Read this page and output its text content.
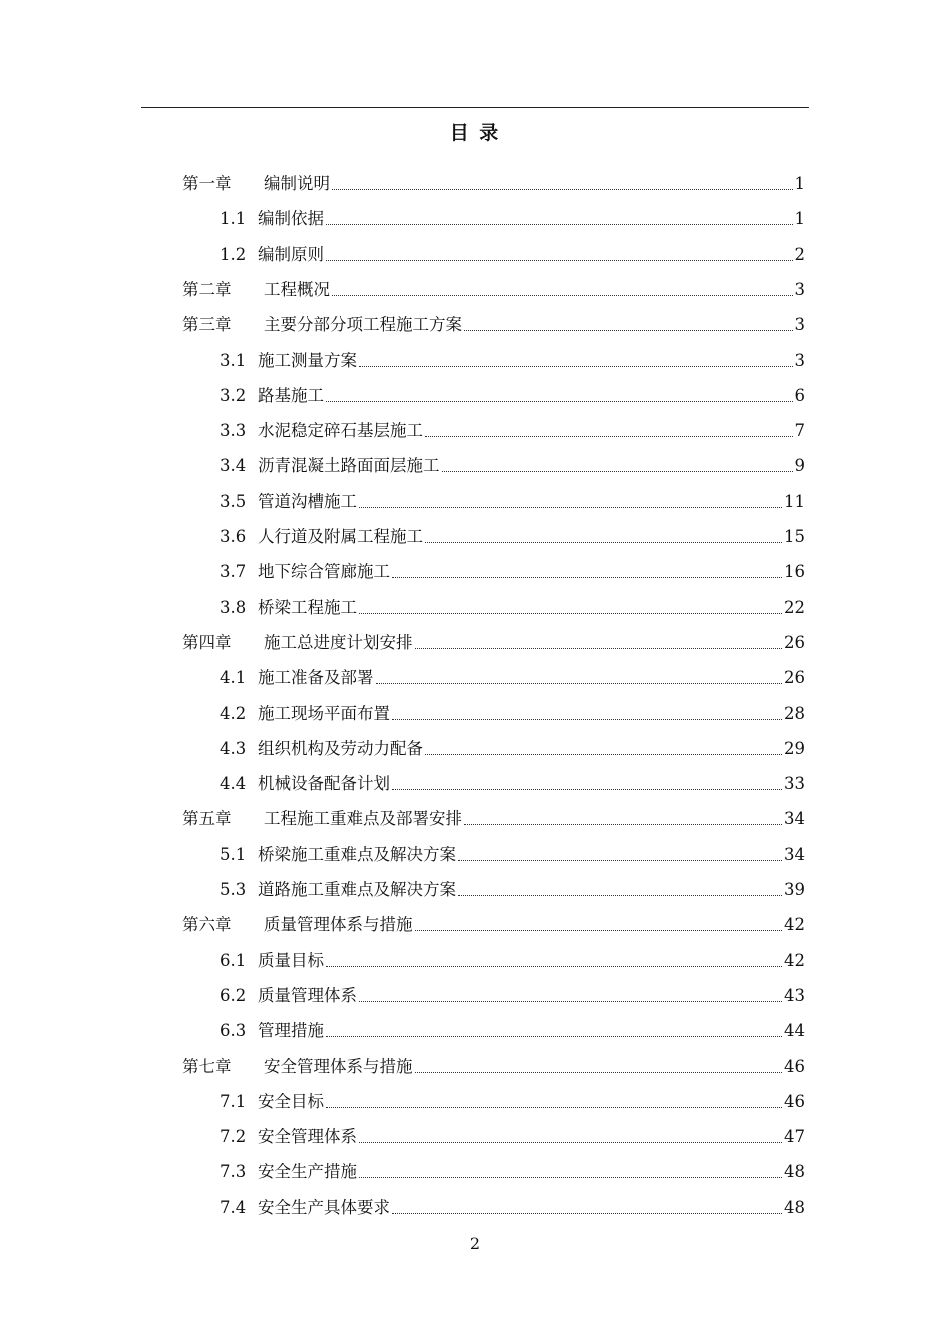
目 录
第一章	编制说明	1
1.1 编制依据	1
1.2 编制原则	2
第二章	工程概况	3
第三章	主要分部分项工程施工方案	3
3.1 施工测量方案	3
3.2 路基施工	6
3.3 水泥稳定碎石基层施工	7
3.4 沥青混凝土路面面层施工	9
3.5 管道沟槽施工	11
3.6 人行道及附属工程施工	15
3.7 地下综合管廊施工	16
3.8 桥梁工程施工	22
第四章	施工总进度计划安排	26
4.1 施工准备及部署	26
4.2 施工现场平面布置	28
4.3 组织机构及劳动力配备	29
4.4 机械设备配备计划	33
第五章	工程施工重难点及部署安排	34
5.1 桥梁施工重难点及解决方案	34
5.3 道路施工重难点及解决方案	39
第六章	质量管理体系与措施	42
6.1 质量目标	42
6.2 质量管理体系	43
6.3 管理措施	44
第七章	安全管理体系与措施	46
7.1 安全目标	46
7.2 安全管理体系	47
7.3 安全生产措施	48
7.4 安全生产具体要求	48
2
